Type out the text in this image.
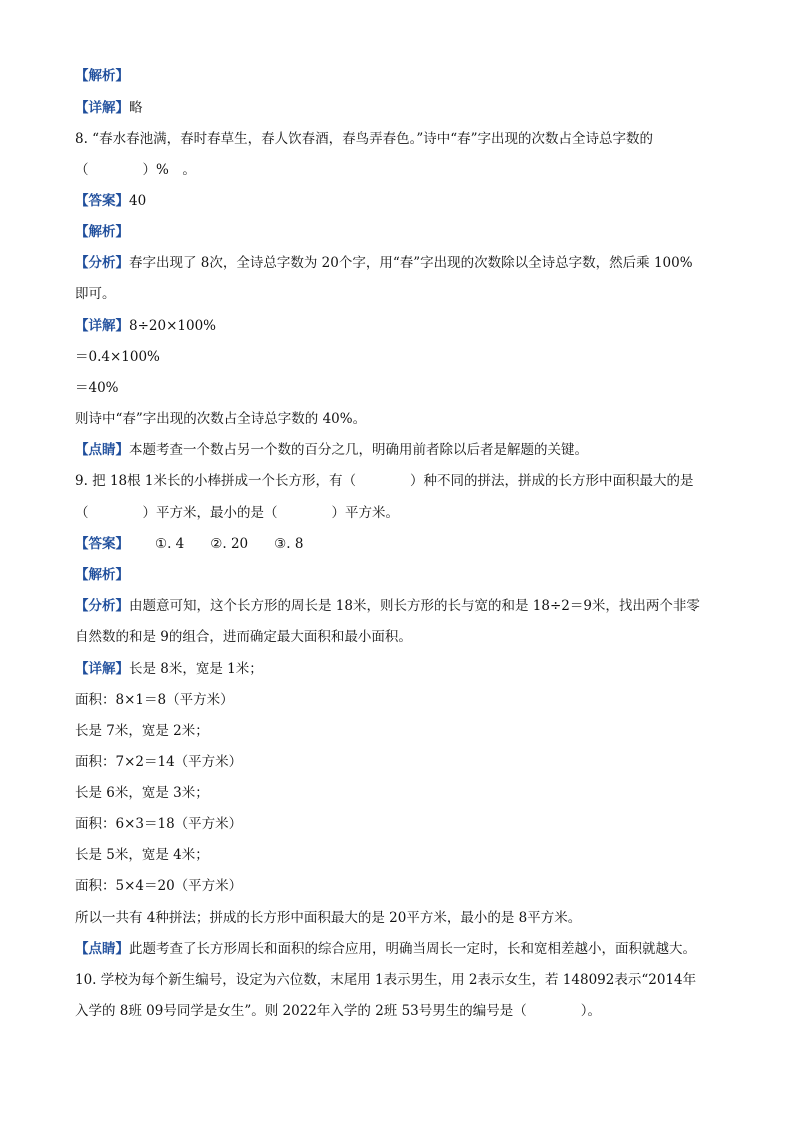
【解析】
【详解】略
8. “春水春池满，春时春草生，春人饮春酒，春鸟弄春色。”诗中“春”字出现的次数占全诗总字数的
（　　　　）%　。
【答案】40
【解析】
【分析】春字出现了 8次，全诗总字数为 20个字，用“春”字出现的次数除以全诗总字数，然后乘 100%
即可。
【详解】8÷20×100%
＝0.4×100%
＝40%
则诗中“春”字出现的次数占全诗总字数的 40%。
【点睛】本题考查一个数占另一个数的百分之几，明确用前者除以后者是解题的关键。
9. 把 18根 1米长的小棒拼成一个长方形，有（　　　　）种不同的拼法，拼成的长方形中面积最大的是
（　　　　）平方米，最小的是（　　　　）平方米。
【答案】 ①. 4 ②. 20 ③. 8
【解析】
【分析】由题意可知，这个长方形的周长是 18米，则长方形的长与宽的和是 18÷2＝9米，找出两个非零
自然数的和是 9的组合，进而确定最大面积和最小面积。
【详解】长是 8米，宽是 1米；
面积：8×1＝8（平方米）
长是 7米，宽是 2米；
面积：7×2＝14（平方米）
长是 6米，宽是 3米；
面积：6×3＝18（平方米）
长是 5米，宽是 4米；
面积：5×4＝20（平方米）
所以一共有 4种拼法；拼成的长方形中面积最大的是 20平方米，最小的是 8平方米。
【点睛】此题考查了长方形周长和面积的综合应用，明确当周长一定时，长和宽相差越小，面积就越大。
10. 学校为每个新生编号，设定为六位数，末尾用 1表示男生，用 2表示女生，若 148092表示“2014年
入学的 8班 09号同学是女生”。则 2022年入学的 2班 53号男生的编号是（　　　　）。
